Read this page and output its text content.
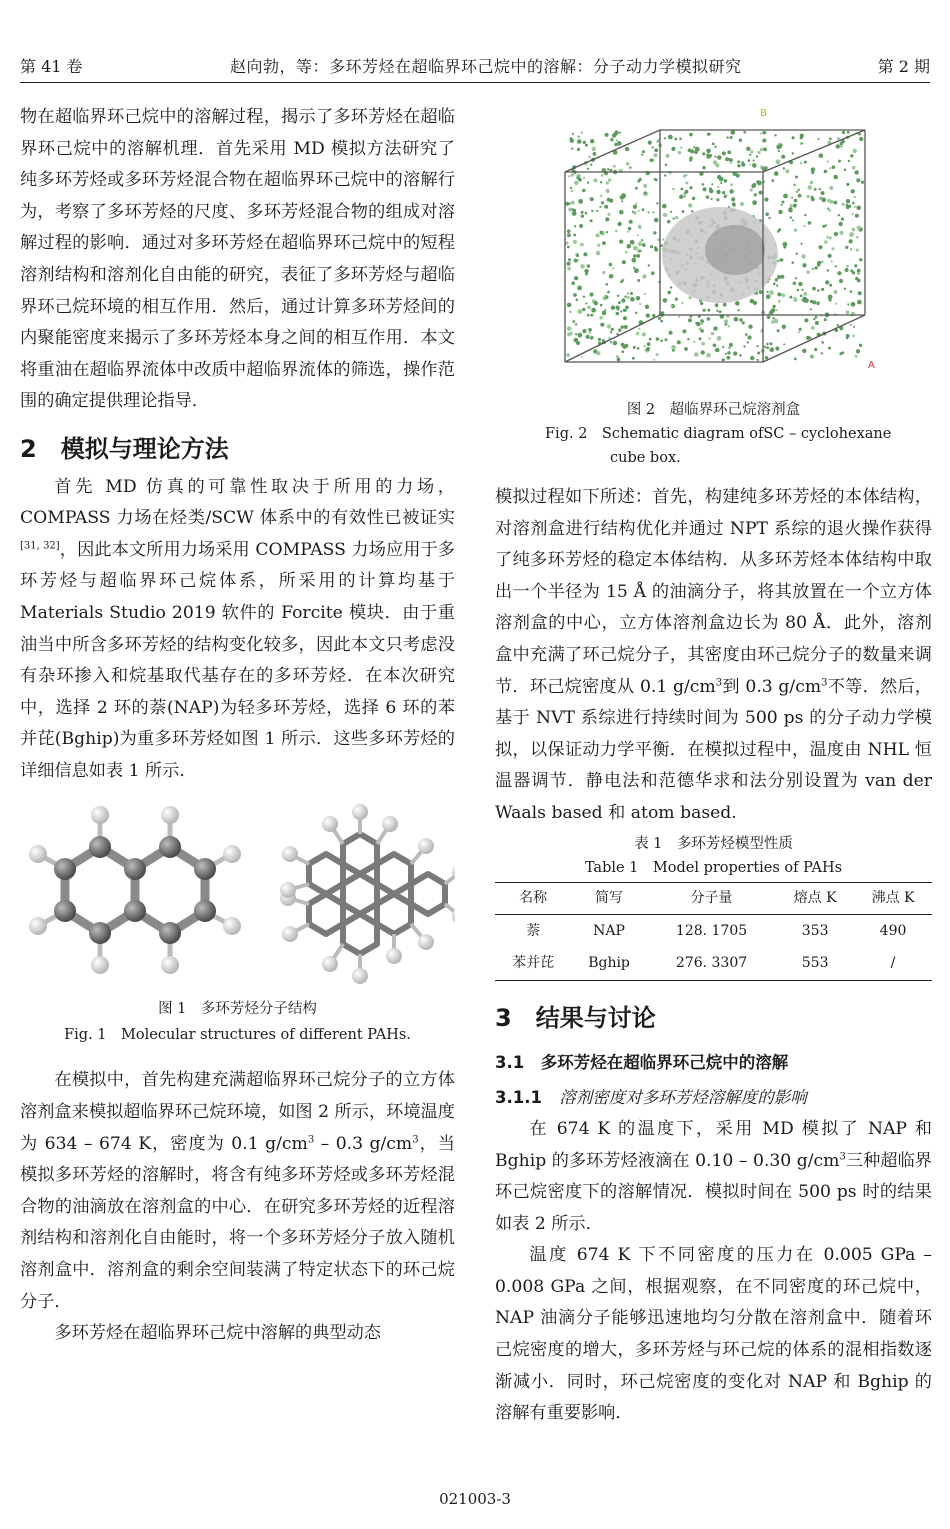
第 41 卷	赵向勃，等：多环芳烃在超临界环己烷中的溶解：分子动力学模拟研究	第 2 期

物在超临界环己烷中的溶解过程，揭示了多环芳烃在超临界环己烷中的溶解机理．首先采用 MD 模拟方法研究了纯多环芳烃或多环芳烃混合物在超临界环己烷中的溶解行为，考察了多环芳烃的尺度、多环芳烃混合物的组成对溶解过程的影响．通过对多环芳烃在超临界环己烷中的短程溶剂结构和溶剂化自由能的研究，表征了多环芳烃与超临界环己烷环境的相互作用．然后，通过计算多环芳烃间的内聚能密度来揭示了多环芳烃本身之间的相互作用．本文将重油在超临界流体中改质中超临界流体的筛选，操作范围的确定提供理论指导．

2　模拟与理论方法

首先 MD 仿真的可靠性取决于所用的力场，COMPASS 力场在烃类/SCW 体系中的有效性已被证实[31, 32]，因此本文所用力场采用 COMPASS 力场应用于多环芳烃与超临界环己烷体系，所采用的计算均基于 Materials Studio 2019 软件的 Forcite 模块．由于重油当中所含多环芳烃的结构变化较多，因此本文只考虑没有杂环掺入和烷基取代基存在的多环芳烃．在本次研究中，选择 2 环的萘(NAP)为轻多环芳烃，选择 6 环的苯并芘(Bghip)为重多环芳烃如图 1 所示．这些多环芳烃的详细信息如表 1 所示．

图 1　多环芳烃分子结构
Fig. 1　Molecular structures of different PAHs.

在模拟中，首先构建充满超临界环己烷分子的立方体溶剂盒来模拟超临界环己烷环境，如图 2 所示，环境温度为 634 – 674 K，密度为 0.1 $g/cm^3 - 0.3$ $g/cm^3$，当模拟多环芳烃的溶解时，将含有纯多环芳烃或多环芳烃混合物的油滴放在溶剂盒的中心．在研究多环芳烃的近程溶剂结构和溶剂化自由能时，将一个多环芳烃分子放入随机溶剂盒中．溶剂盒的剩余空间装满了特定状态下的环己烷分子．

多环芳烃在超临界环己烷中溶解的典型动态

B
A
图 2　超临界环己烷溶剂盒
Fig. 2　Schematic diagram ofSC – cyclohexane
cube box.

模拟过程如下所述：首先，构建纯多环芳烃的本体结构，对溶剂盒进行结构优化并通过 NPT 系综的退火操作获得了纯多环芳烃的稳定本体结构．从多环芳烃本体结构中取出一个半径为 15 Å 的油滴分子，将其放置在一个立方体溶剂盒的中心，立方体溶剂盒边长为 80 Å．此外，溶剂盒中充满了环己烷分子，其密度由环己烷分子的数量来调节．环己烷密度从 0.1 $g/cm^3$到 0.3 $g/cm^3$不等．然后，基于 NVT 系综进行持续时间为 500 ps 的分子动力学模拟，以保证动力学平衡．在模拟过程中，温度由 NHL 恒温器调节．静电法和范德华求和法分别设置为 van der Waals based 和 atom based.

表 1　多环芳烃模型性质
Table 1　Model properties of PAHs
名称	简写	分子量	熔点 K	沸点 K
萘	NAP	128. 1705	353	490
苯并芘	Bghip	276. 3307	553	/
3　结果与讨论
3.1　多环芳烃在超临界环己烷中的溶解
3.1.1 溶剂密度对多环芳烃溶解度的影响

在 674 K 的温度下，采用 MD 模拟了 NAP 和 Bghip 的多环芳烃液滴在 0.10 – 0.30 $g/cm^3$三种超临界环己烷密度下的溶解情况．模拟时间在 500 ps 时的结果如表 2 所示．

温度 674 K 下不同密度的压力在 0.005 GPa – 0.008 GPa 之间，根据观察，在不同密度的环己烷中，NAP 油滴分子能够迅速地均匀分散在溶剂盒中．随着环己烷密度的增大，多环芳烃与环己烷的体系的混相指数逐渐减小．同时，环己烷密度的变化对 NAP 和 Bghip 的溶解有重要影响．

021003-3
